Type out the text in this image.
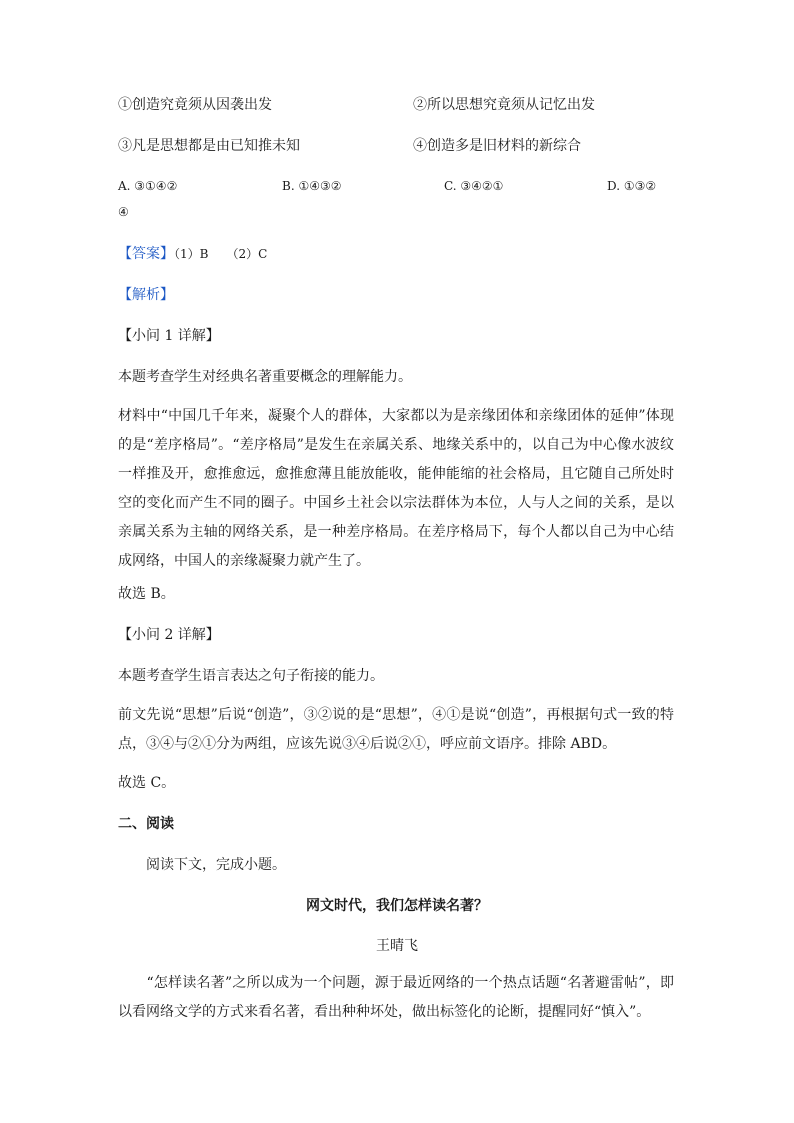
①创造究竟须从因袭出发	②所以思想究竟须从记忆出发
③凡是思想都是由已知推未知	④创造多是旧材料的新综合
A. ③①④②	B. ①④③②	C. ③④②①	D. ①③②
④
【答案】（1）B　　（2）C
【解析】
【小问 1 详解】
本题考查学生对经典名著重要概念的理解能力。
材料中“中国几千年来，凝聚个人的群体，大家都以为是亲缘团体和亲缘团体的延伸”体现的是“差序格局”。“差序格局”是发生在亲属关系、地缘关系中的，以自己为中心像水波纹一样推及开，愈推愈远，愈推愈薄且能放能收，能伸能缩的社会格局，且它随自己所处时空的变化而产生不同的圈子。中国乡土社会以宗法群体为本位，人与人之间的关系，是以亲属关系为主轴的网络关系，是一种差序格局。在差序格局下，每个人都以自己为中心结成网络，中国人的亲缘凝聚力就产生了。
故选 B。
【小问 2 详解】
本题考查学生语言表达之句子衔接的能力。
前文先说“思想”后说“创造”，③②说的是“思想”，④①是说“创造”，再根据句式一致的特点，③④与②①分为两组，应该先说③④后说②①，呼应前文语序。排除 ABD。
故选 C。
二、阅读
阅读下文，完成小题。
网文时代，我们怎样读名著？
王晴飞
　　“怎样读名著”之所以成为一个问题，源于最近网络的一个热点话题“名著避雷帖”，即以看网络文学的方式来看名著，看出种种坏处，做出标签化的论断，提醒同好“慎入”。
